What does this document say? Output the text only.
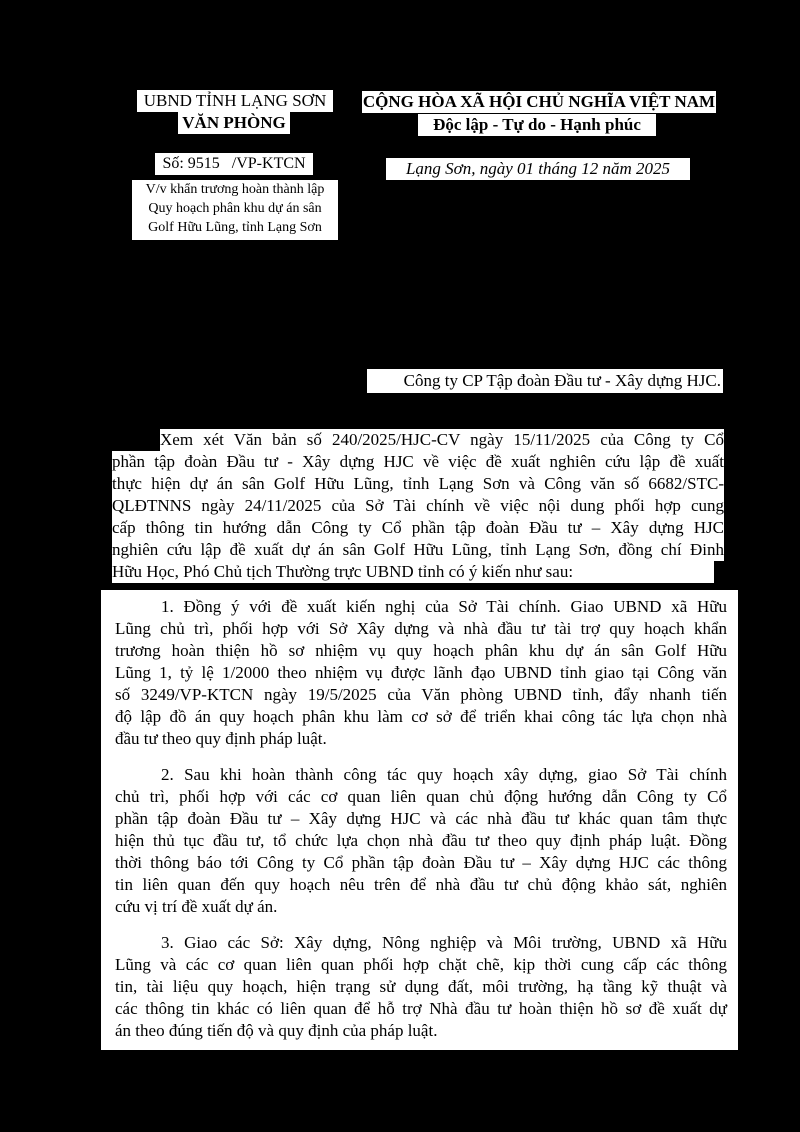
UBND TỈNH LẠNG SƠN
VĂN PHÒNG
CỘNG HÒA XÃ HỘI CHỦ NGHĨA VIỆT NAM
Độc lập - Tự do - Hạnh phúc
Số: 9515   /VP-KTCN	Lạng Sơn, ngày 01 tháng 12 năm 2025
V/v khẩn trương hoàn thành lập
Quy hoạch phân khu dự án sân
Golf Hữu Lũng, tỉnh Lạng Sơn
Công ty CP Tập đoàn Đầu tư - Xây dựng HJC.
Xem xét Văn bản số 240/2025/HJC-CV ngày 15/11/2025 của Công ty Cổ
phần tập đoàn Đầu tư - Xây dựng HJC về việc đề xuất nghiên cứu lập đề xuất
thực hiện dự án sân Golf Hữu Lũng, tỉnh Lạng Sơn và Công văn số 6682/STC-
QLĐTNNS ngày 24/11/2025 của Sở Tài chính về việc nội dung phối hợp cung
cấp thông tin hướng dẫn Công ty Cổ phần tập đoàn Đầu tư – Xây dựng HJC
nghiên cứu lập đề xuất dự án sân Golf Hữu Lũng, tỉnh Lạng Sơn, đồng chí Đinh
Hữu Học, Phó Chủ tịch Thường trực UBND tỉnh có ý kiến như sau:
1. Đồng ý với đề xuất kiến nghị của Sở Tài chính. Giao UBND xã Hữu
Lũng chủ trì, phối hợp với Sở Xây dựng và nhà đầu tư tài trợ quy hoạch khẩn
trương hoàn thiện hồ sơ nhiệm vụ quy hoạch phân khu dự án sân Golf Hữu
Lũng 1, tỷ lệ 1/2000 theo nhiệm vụ được lãnh đạo UBND tỉnh giao tại Công văn
số 3249/VP-KTCN ngày 19/5/2025 của Văn phòng UBND tỉnh, đẩy nhanh tiến
độ lập đồ án quy hoạch phân khu làm cơ sở để triển khai công tác lựa chọn nhà
đầu tư theo quy định pháp luật.
2. Sau khi hoàn thành công tác quy hoạch xây dựng, giao Sở Tài chính
chủ trì, phối hợp với các cơ quan liên quan chủ động hướng dẫn Công ty Cổ
phần tập đoàn Đầu tư – Xây dựng HJC và các nhà đầu tư khác quan tâm thực
hiện thủ tục đầu tư, tổ chức lựa chọn nhà đầu tư theo quy định pháp luật. Đồng
thời thông báo tới Công ty Cổ phần tập đoàn Đầu tư – Xây dựng HJC các thông
tin liên quan đến quy hoạch nêu trên để nhà đầu tư chủ động khảo sát, nghiên
cứu vị trí đề xuất dự án.
3. Giao các Sở: Xây dựng, Nông nghiệp và Môi trường, UBND xã Hữu
Lũng và các cơ quan liên quan phối hợp chặt chẽ, kịp thời cung cấp các thông
tin, tài liệu quy hoạch, hiện trạng sử dụng đất, môi trường, hạ tầng kỹ thuật và
các thông tin khác có liên quan để hỗ trợ Nhà đầu tư hoàn thiện hồ sơ đề xuất dự
án theo đúng tiến độ và quy định của pháp luật.
